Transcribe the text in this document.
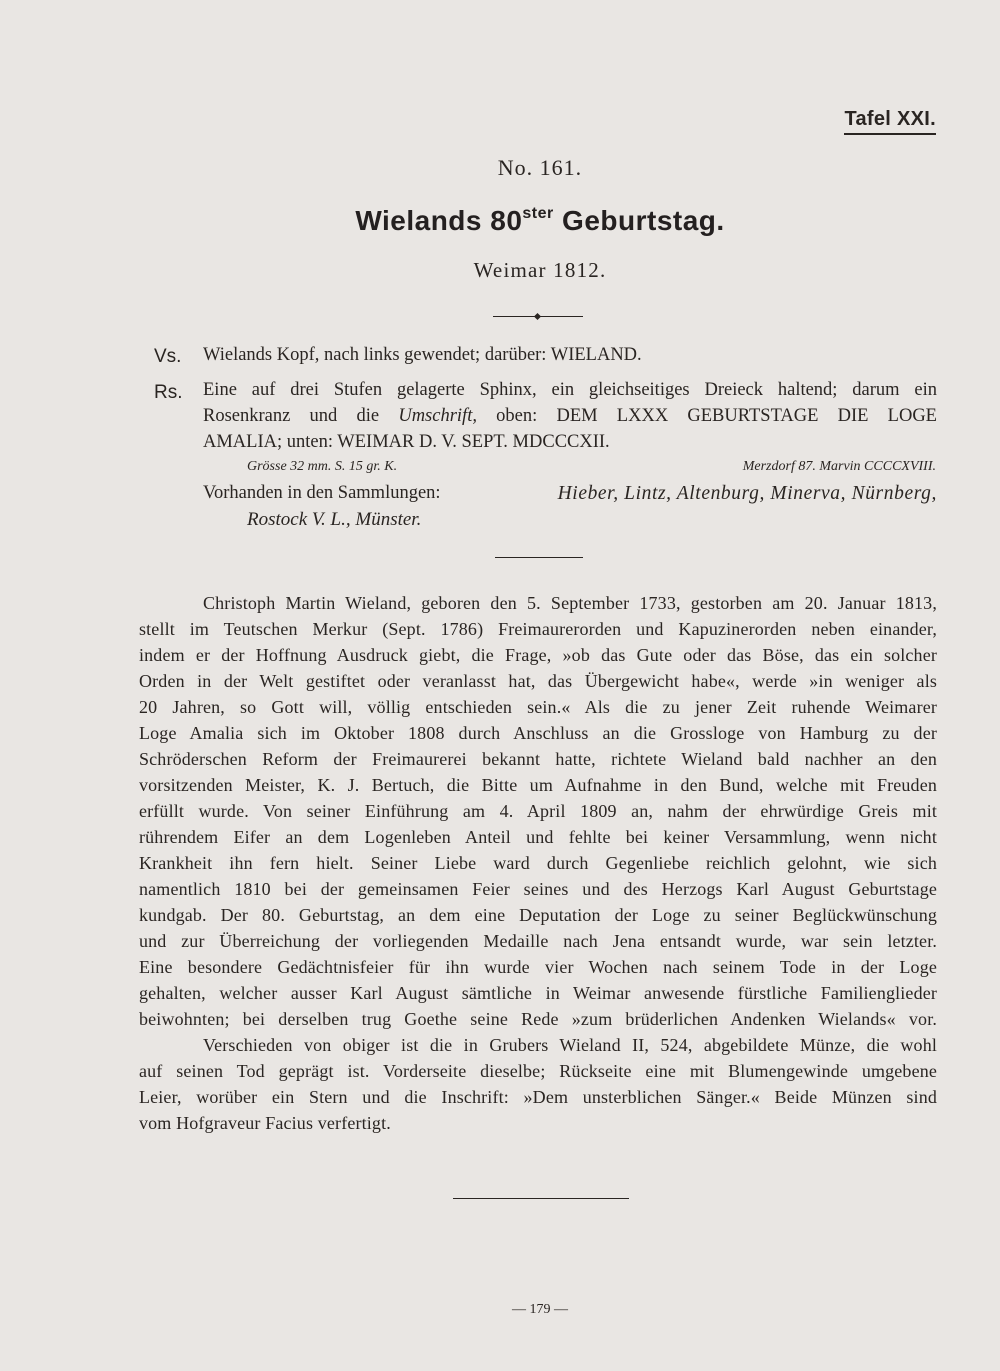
Tafel XXI.
No. 161.
Wielands $80^{ster}$ Geburtstag.
Weimar 1812.
Vs. Wielands Kopf, nach links gewendet; darüber: WIELAND.
Rs. Eine auf drei Stufen gelagerte Sphinx, ein gleichseitiges Dreieck haltend; darum ein
Rosenkranz und die Umschrift, oben: DEM LXXX GEBURTSTAGE DIE LOGE
AMALIA; unten: WEIMAR D. V. SEPT. MDCCCXII.
Grösse 32 mm. S. 15 gr. K.	Merzdorf 87. Marvin CCCCXVIII.
Vorhanden in den Sammlungen:	Hieber, Lintz, Altenburg, Minerva, Nürnberg,
Rostock V. L., Münster.
Christoph Martin Wieland, geboren den 5. September 1733, gestorben am 20. Januar 1813,
stellt im Teutschen Merkur (Sept. 1786) Freimaurerorden und Kapuzinerorden neben einander,
indem er der Hoffnung Ausdruck giebt, die Frage, »ob das Gute oder das Böse, das ein solcher
Orden in der Welt gestiftet oder veranlasst hat, das Übergewicht habe«, werde »in weniger als
20 Jahren, so Gott will, völlig entschieden sein.« Als die zu jener Zeit ruhende Weimarer
Loge Amalia sich im Oktober 1808 durch Anschluss an die Grossloge von Hamburg zu der
Schröderschen Reform der Freimaurerei bekannt hatte, richtete Wieland bald nachher an den
vorsitzenden Meister, K. J. Bertuch, die Bitte um Aufnahme in den Bund, welche mit Freuden
erfüllt wurde. Von seiner Einführung am 4. April 1809 an, nahm der ehrwürdige Greis mit
rührendem Eifer an dem Logenleben Anteil und fehlte bei keiner Versammlung, wenn nicht
Krankheit ihn fern hielt. Seiner Liebe ward durch Gegenliebe reichlich gelohnt, wie sich
namentlich 1810 bei der gemeinsamen Feier seines und des Herzogs Karl August Geburtstage
kundgab. Der 80. Geburtstag, an dem eine Deputation der Loge zu seiner Beglückwünschung
und zur Überreichung der vorliegenden Medaille nach Jena entsandt wurde, war sein letzter.
Eine besondere Gedächtnisfeier für ihn wurde vier Wochen nach seinem Tode in der Loge
gehalten, welcher ausser Karl August sämtliche in Weimar anwesende fürstliche Familienglieder
beiwohnten; bei derselben trug Goethe seine Rede »zum brüderlichen Andenken Wielands« vor.
Verschieden von obiger ist die in Grubers Wieland II, 524, abgebildete Münze, die wohl
auf seinen Tod geprägt ist. Vorderseite dieselbe; Rückseite eine mit Blumengewinde umgebene
Leier, worüber ein Stern und die Inschrift: »Dem unsterblichen Sänger.« Beide Münzen sind
vom Hofgraveur Facius verfertigt.
— 179 —
